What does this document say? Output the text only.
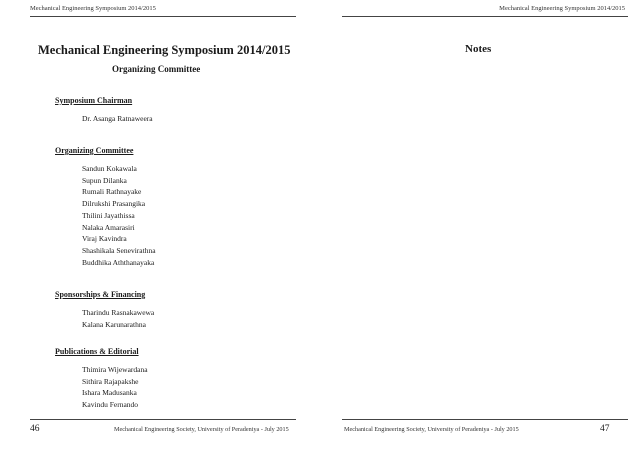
Mechanical Engineering Symposium 2014/2015
Mechanical Engineering Symposium 2014/2015
Organizing Committee
Symposium Chairman
Dr. Asanga Ratnaweera
Organizing Committee
Sandun Kokawala
Supun Dilanka
Rumali Rathnayake
Dilrukshi Prasangika
Thilini Jayathissa
Nalaka Amarasiri
Viraj Kavindra
Shashikala Senevirathna
Buddhika Aththanayaka
Sponsorships & Financing
Tharindu Rasnakawewa
Kalana Karunarathna
Publications & Editorial
Thimira Wijewardana
Sithira Rajapakshe
Ishara Madusanka
Kavindu Fernando
46	Mechanical Engineering Society, University of Peradeniya - July 2015
Mechanical Engineering Symposium 2014/2015
Notes
Mechanical Engineering Society, University of Peradeniya - July 2015	47
